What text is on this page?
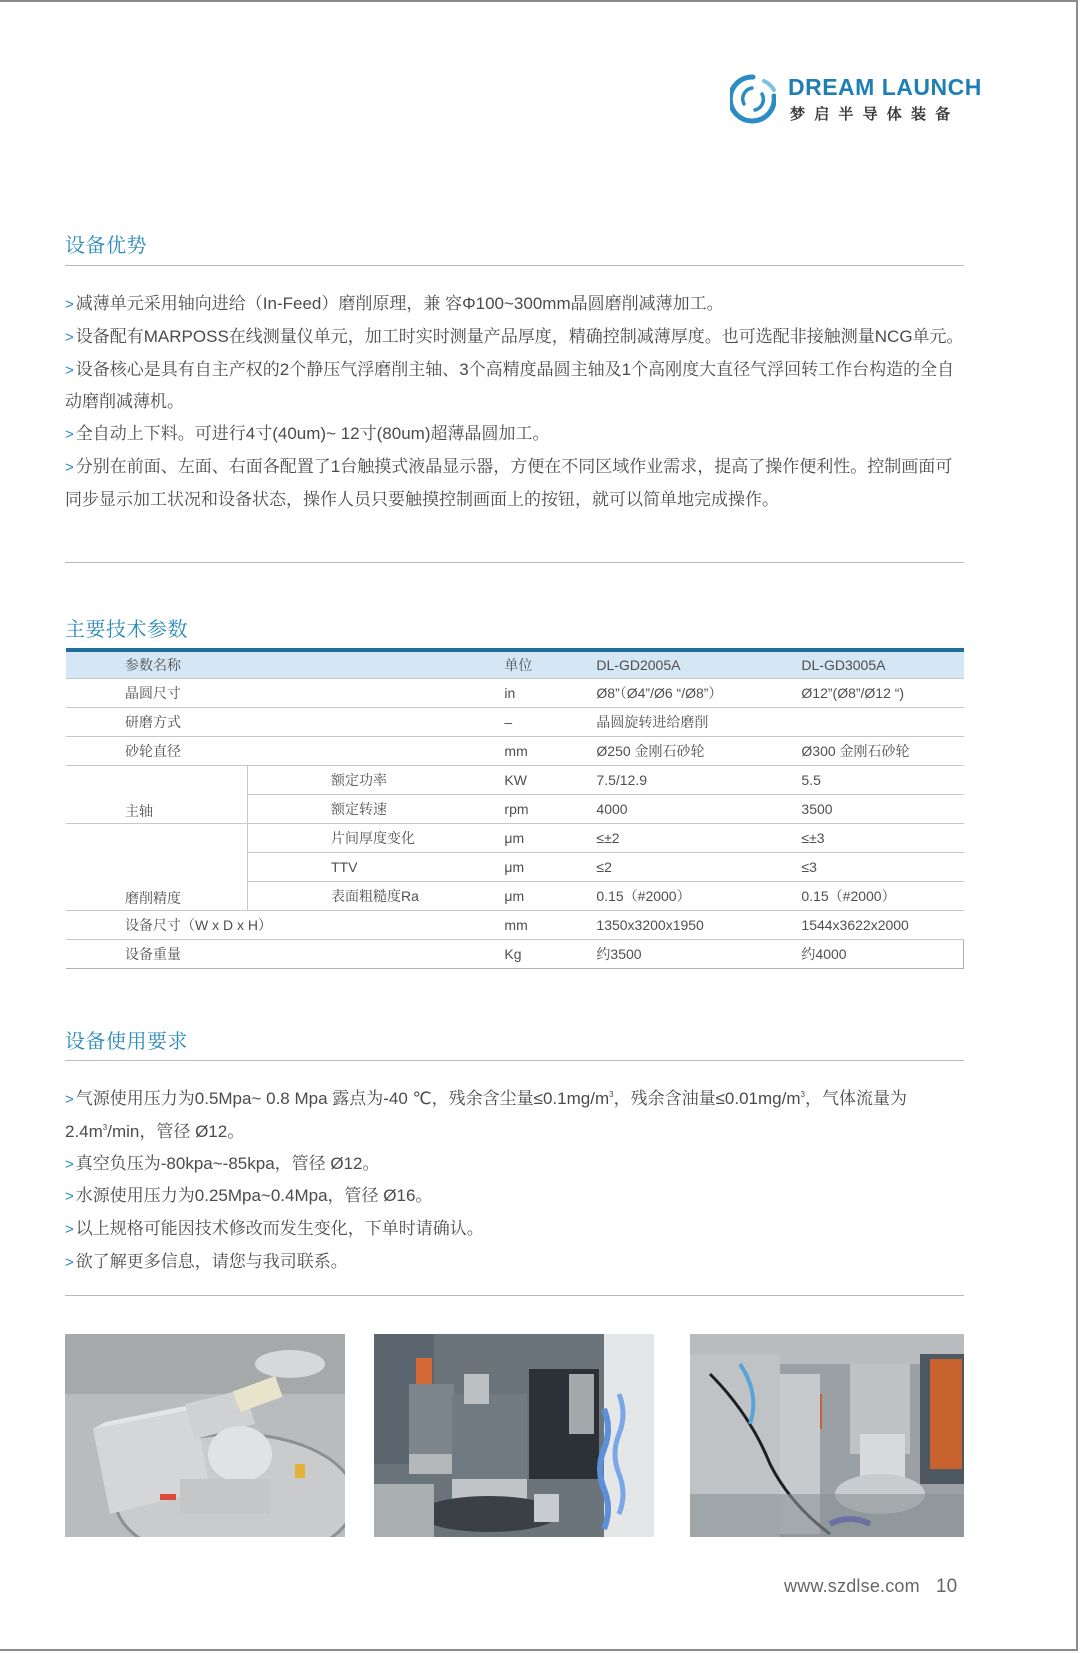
DREAM LAUNCH
梦启半导体装备
设备优势

> 减薄单元采用轴向进给（In-Feed）磨削原理，兼 容Φ100~300mm晶圆磨削减薄加工。

> 设备配有MARPOSS在线测量仪单元，加工时实时测量产品厚度，精确控制减薄厚度。也可选配非接触测量NCG单元。

> 设备核心是具有自主产权的2个静压气浮磨削主轴、3个高精度晶圆主轴及1个高刚度大直径气浮回转工作台构造的全自动磨削减薄机。

> 全自动上下料。可进行4寸(40um)~ 12寸(80um)超薄晶圆加工。

> 分别在前面、左面、右面各配置了1台触摸式液晶显示器，方便在不同区域作业需求，提高了操作便利性。控制画面可同步显示加工状况和设备状态，操作人员只要触摸控制画面上的按钮，就可以简单地完成操作。

主要技术参数
参数名称		单位	DL-GD2005A	DL-GD3005A
晶圆尺寸		in	Ø8”（Ø4”/Ø6 “/Ø8”）	Ø12”(Ø8”/Ø12 “)
研磨方式		–	晶圆旋转进给磨削	
砂轮直径		mm	Ø250 金刚石砂轮	Ø300 金刚石砂轮
主轴	额定功率	KW	7.5/12.9	5.5
	额定转速	rpm	4000	3500
磨削精度	片间厚度变化	μm	≤±2	≤±3
	TTV	μm	≤2	≤3
	表面粗糙度Ra	μm	0.15（#2000）	0.15（#2000）
设备尺寸（W x D x H）		mm	1350x3200x1950	1544x3622x2000
设备重量		Kg	约3500	约4000
设备使用要求

> 气源使用压力为0.5Mpa~ 0.8 Mpa 露点为-40 ℃，残余含尘量$\le 0.1mg/m^3$，残余含油量$\le 0.01mg/m^3$，气体流量为$2.4m^3/\min$，管径 Ø12。

> 真空负压为-80kpa~-85kpa，管径 Ø12。

> 水源使用压力为0.25Mpa~0.4Mpa，管径 Ø16。

> 以上规格可能因技术修改而发生变化，下单时请确认。

> 欲了解更多信息，请您与我司联系。

www.szdlse.com 10
